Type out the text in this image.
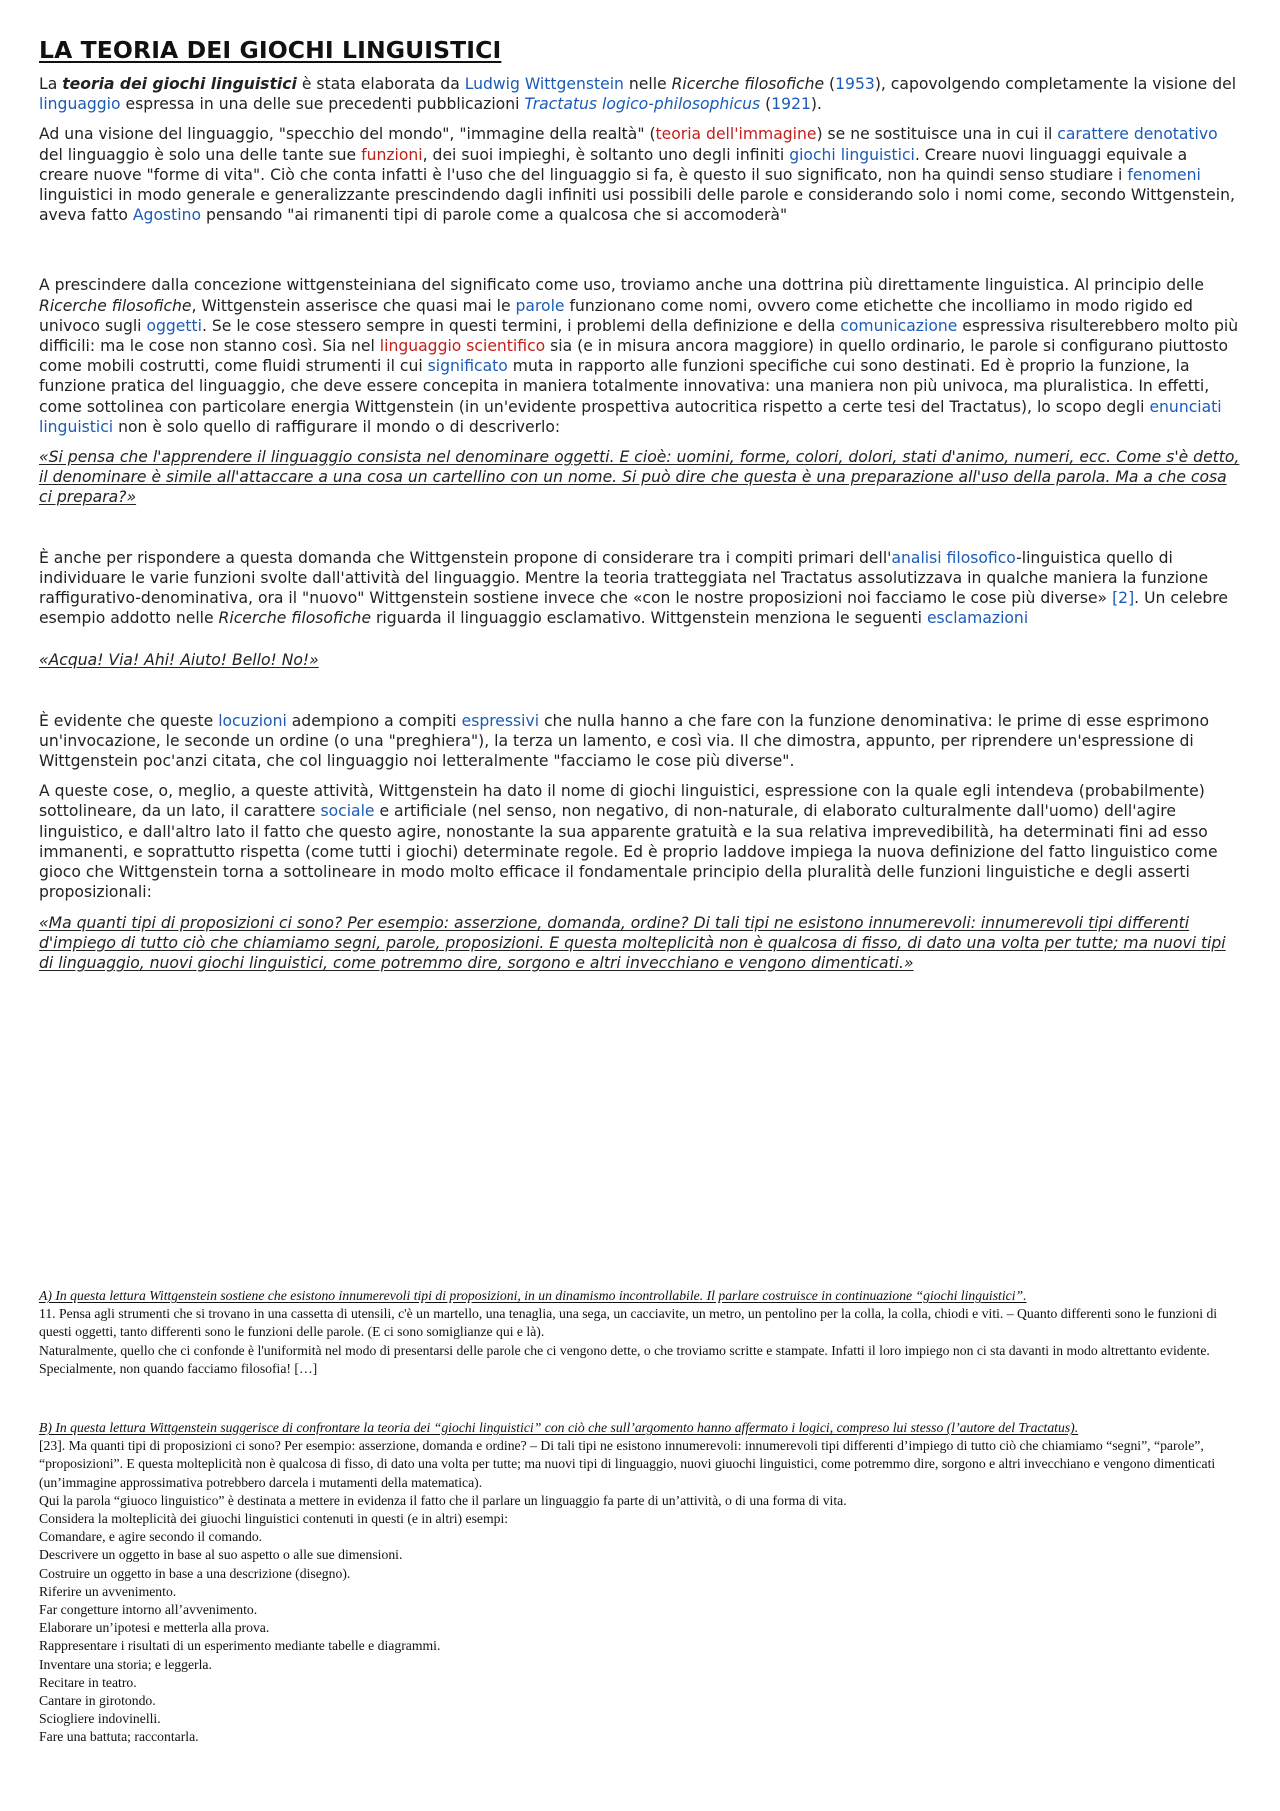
LA TEORIA DEI GIOCHI LINGUISTICI

La teoria dei giochi linguistici è stata elaborata da Ludwig Wittgenstein nelle Ricerche filosofiche (1953), capovolgendo completamente la visione del linguaggio espressa in una delle sue precedenti pubblicazioni Tractatus logico-philosophicus (1921).

Ad una visione del linguaggio, "specchio del mondo", "immagine della realtà" (teoria dell'immagine) se ne sostituisce una in cui il carattere denotativo del linguaggio è solo una delle tante sue funzioni, dei suoi impieghi, è soltanto uno degli infiniti giochi linguistici. Creare nuovi linguaggi equivale a creare nuove "forme di vita". Ciò che conta infatti è l'uso che del linguaggio si fa, è questo il suo significato, non ha quindi senso studiare i fenomeni linguistici in modo generale e generalizzante prescindendo dagli infiniti usi possibili delle parole e considerando solo i nomi come, secondo Wittgenstein, aveva fatto Agostino pensando "ai rimanenti tipi di parole come a qualcosa che si accomoderà"

A prescindere dalla concezione wittgensteiniana del significato come uso, troviamo anche una dottrina più direttamente linguistica. Al principio delle Ricerche filosofiche, Wittgenstein asserisce che quasi mai le parole funzionano come nomi, ovvero come etichette che incolliamo in modo rigido ed univoco sugli oggetti. Se le cose stessero sempre in questi termini, i problemi della definizione e della comunicazione espressiva risulterebbero molto più difficili: ma le cose non stanno così. Sia nel linguaggio scientifico sia (e in misura ancora maggiore) in quello ordinario, le parole si configurano piuttosto come mobili costrutti, come fluidi strumenti il cui significato muta in rapporto alle funzioni specifiche cui sono destinati. Ed è proprio la funzione, la funzione pratica del linguaggio, che deve essere concepita in maniera totalmente innovativa: una maniera non più univoca, ma pluralistica. In effetti, come sottolinea con particolare energia Wittgenstein (in un'evidente prospettiva autocritica rispetto a certe tesi del Tractatus), lo scopo degli enunciati linguistici non è solo quello di raffigurare il mondo o di descriverlo:

«Si pensa che l'apprendere il linguaggio consista nel denominare oggetti. E cioè: uomini, forme, colori, dolori, stati d'animo, numeri, ecc. Come s'è detto, il denominare è simile all'attaccare a una cosa un cartellino con un nome. Si può dire che questa è una preparazione all'uso della parola. Ma a che cosa ci prepara?»

È anche per rispondere a questa domanda che Wittgenstein propone di considerare tra i compiti primari dell'analisi filosofico-linguistica quello di individuare le varie funzioni svolte dall'attività del linguaggio. Mentre la teoria tratteggiata nel Tractatus assolutizzava in qualche maniera la funzione raffigurativo-denominativa, ora il "nuovo" Wittgenstein sostiene invece che «con le nostre proposizioni noi facciamo le cose più diverse» [2]. Un celebre esempio addotto nelle Ricerche filosofiche riguarda il linguaggio esclamativo. Wittgenstein menziona le seguenti esclamazioni

«Acqua! Via! Ahi! Aiuto! Bello! No!»

È evidente che queste locuzioni adempiono a compiti espressivi che nulla hanno a che fare con la funzione denominativa: le prime di esse esprimono un'invocazione, le seconde un ordine (o una "preghiera"), la terza un lamento, e così via. Il che dimostra, appunto, per riprendere un'espressione di Wittgenstein poc'anzi citata, che col linguaggio noi letteralmente "facciamo le cose più diverse".

A queste cose, o, meglio, a queste attività, Wittgenstein ha dato il nome di giochi linguistici, espressione con la quale egli intendeva (probabilmente) sottolineare, da un lato, il carattere sociale e artificiale (nel senso, non negativo, di non-naturale, di elaborato culturalmente dall'uomo) dell'agire linguistico, e dall'altro lato il fatto che questo agire, nonostante la sua apparente gratuità e la sua relativa imprevedibilità, ha determinati fini ad esso immanenti, e soprattutto rispetta (come tutti i giochi) determinate regole. Ed è proprio laddove impiega la nuova definizione del fatto linguistico come gioco che Wittgenstein torna a sottolineare in modo molto efficace il fondamentale principio della pluralità delle funzioni linguistiche e degli asserti proposizionali:

«Ma quanti tipi di proposizioni ci sono? Per esempio: asserzione, domanda, ordine? Di tali tipi ne esistono innumerevoli: innumerevoli tipi differenti d'impiego di tutto ciò che chiamiamo segni, parole, proposizioni. E questa molteplicità non è qualcosa di fisso, di dato una volta per tutte; ma nuovi tipi di linguaggio, nuovi giochi linguistici, come potremmo dire, sorgono e altri invecchiano e vengono dimenticati.»

A) In questa lettura Wittgenstein sostiene che esistono innumerevoli tipi di proposizioni, in un dinamismo incontrollabile. Il parlare costruisce in continuazione “giochi linguistici”.

11. Pensa agli strumenti che si trovano in una cassetta di utensili, c'è un martello, una tenaglia, una sega, un cacciavite, un metro, un pentolino per la colla, la colla, chiodi e viti. – Quanto differenti sono le funzioni di questi oggetti, tanto differenti sono le funzioni delle parole. (E ci sono somiglianze qui e là).

Naturalmente, quello che ci confonde è l'uniformità nel modo di presentarsi delle parole che ci vengono dette, o che troviamo scritte e stampate. Infatti il loro impiego non ci sta davanti in modo altrettanto evidente. Specialmente, non quando facciamo filosofia! […]

B) In questa lettura Wittgenstein suggerisce di confrontare la teoria dei “giochi linguistici” con ciò che sull’argomento hanno affermato i logici, compreso lui stesso (l’autore del Tractatus).

[23]. Ma quanti tipi di proposizioni ci sono? Per esempio: asserzione, domanda e ordine? – Di tali tipi ne esistono innumerevoli: innumerevoli tipi differenti d’impiego di tutto ciò che chiamiamo “segni”, “parole”, “proposizioni”. E questa molteplicità non è qualcosa di fisso, di dato una volta per tutte; ma nuovi tipi di linguaggio, nuovi giuochi linguistici, come potremmo dire, sorgono e altri invecchiano e vengono dimenticati (un’immagine approssimativa potrebbero darcela i mutamenti della matematica).

Qui la parola “giuoco linguistico” è destinata a mettere in evidenza il fatto che il parlare un linguaggio fa parte di un’attività, o di una forma di vita.

Considera la molteplicità dei giuochi linguistici contenuti in questi (e in altri) esempi:

Comandare, e agire secondo il comando.

Descrivere un oggetto in base al suo aspetto o alle sue dimensioni.

Costruire un oggetto in base a una descrizione (disegno).

Riferire un avvenimento.

Far congetture intorno all’avvenimento.

Elaborare un’ipotesi e metterla alla prova.

Rappresentare i risultati di un esperimento mediante tabelle e diagrammi.

Inventare una storia; e leggerla.

Recitare in teatro.

Cantare in girotondo.

Sciogliere indovinelli.

Fare una battuta; raccontarla.
